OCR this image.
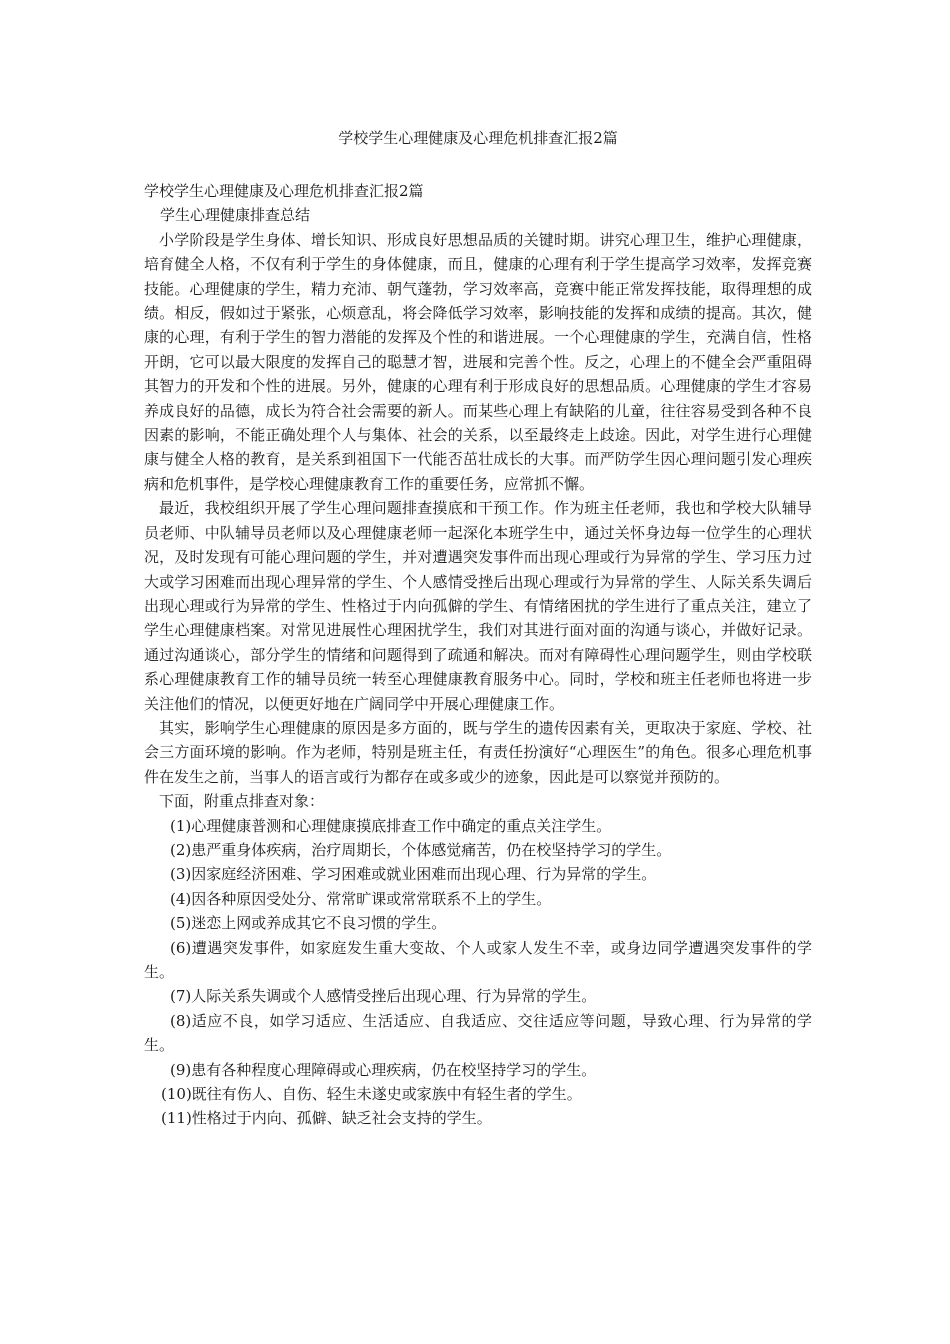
学校学生心理健康及心理危机排查汇报2篇

学校学生心理健康及心理危机排查汇报2篇

学生心理健康排查总结

小学阶段是学生身体、增长知识、形成良好思想品质的关键时期。讲究心理卫生，维护心理健康，培育健全人格，不仅有利于学生的身体健康，而且，健康的心理有利于学生提高学习效率，发挥竞赛技能。心理健康的学生，精力充沛、朝气蓬勃，学习效率高，竞赛中能正常发挥技能，取得理想的成绩。相反，假如过于紧张，心烦意乱，将会降低学习效率，影响技能的发挥和成绩的提高。其次，健康的心理，有利于学生的智力潜能的发挥及个性的和谐进展。一个心理健康的学生，充满自信，性格开朗，它可以最大限度的发挥自己的聪慧才智，进展和完善个性。反之，心理上的不健全会严重阻碍其智力的开发和个性的进展。另外，健康的心理有利于形成良好的思想品质。心理健康的学生才容易养成良好的品德，成长为符合社会需要的新人。而某些心理上有缺陷的儿童，往往容易受到各种不良因素的影响，不能正确处理个人与集体、社会的关系，以至最终走上歧途。因此，对学生进行心理健康与健全人格的教育，是关系到祖国下一代能否茁壮成长的大事。而严防学生因心理问题引发心理疾病和危机事件，是学校心理健康教育工作的重要任务，应常抓不懈。

最近，我校组织开展了学生心理问题排查摸底和干预工作。作为班主任老师，我也和学校大队辅导员老师、中队辅导员老师以及心理健康老师一起深化本班学生中，通过关怀身边每一位学生的心理状况，及时发现有可能心理问题的学生，并对遭遇突发事件而出现心理或行为异常的学生、学习压力过大或学习困难而出现心理异常的学生、个人感情受挫后出现心理或行为异常的学生、人际关系失调后出现心理或行为异常的学生、性格过于内向孤僻的学生、有情绪困扰的学生进行了重点关注，建立了学生心理健康档案。对常见进展性心理困扰学生，我们对其进行面对面的沟通与谈心，并做好记录。通过沟通谈心，部分学生的情绪和问题得到了疏通和解决。而对有障碍性心理问题学生，则由学校联系心理健康教育工作的辅导员统一转至心理健康教育服务中心。同时，学校和班主任老师也将进一步关注他们的情况，以便更好地在广阔同学中开展心理健康工作。

其实，影响学生心理健康的原因是多方面的，既与学生的遗传因素有关，更取决于家庭、学校、社会三方面环境的影响。作为老师，特别是班主任，有责任扮演好“心理医生”的角色。很多心理危机事件在发生之前，当事人的语言或行为都存在或多或少的迹象，因此是可以察觉并预防的。

下面，附重点排查对象：

(1)心理健康普测和心理健康摸底排查工作中确定的重点关注学生。

(2)患严重身体疾病，治疗周期长，个体感觉痛苦，仍在校坚持学习的学生。

(3)因家庭经济困难、学习困难或就业困难而出现心理、行为异常的学生。

(4)因各种原因受处分、常常旷课或常常联系不上的学生。

(5)迷恋上网或养成其它不良习惯的学生。

(6)遭遇突发事件，如家庭发生重大变故、个人或家人发生不幸，或身边同学遭遇突发事件的学生。

(7)人际关系失调或个人感情受挫后出现心理、行为异常的学生。

(8)适应不良，如学习适应、生活适应、自我适应、交往适应等问题，导致心理、行为异常的学生。

(9)患有各种程度心理障碍或心理疾病，仍在校坚持学习的学生。

(10)既往有伤人、自伤、轻生未遂史或家族中有轻生者的学生。

(11)性格过于内向、孤僻、缺乏社会支持的学生。
